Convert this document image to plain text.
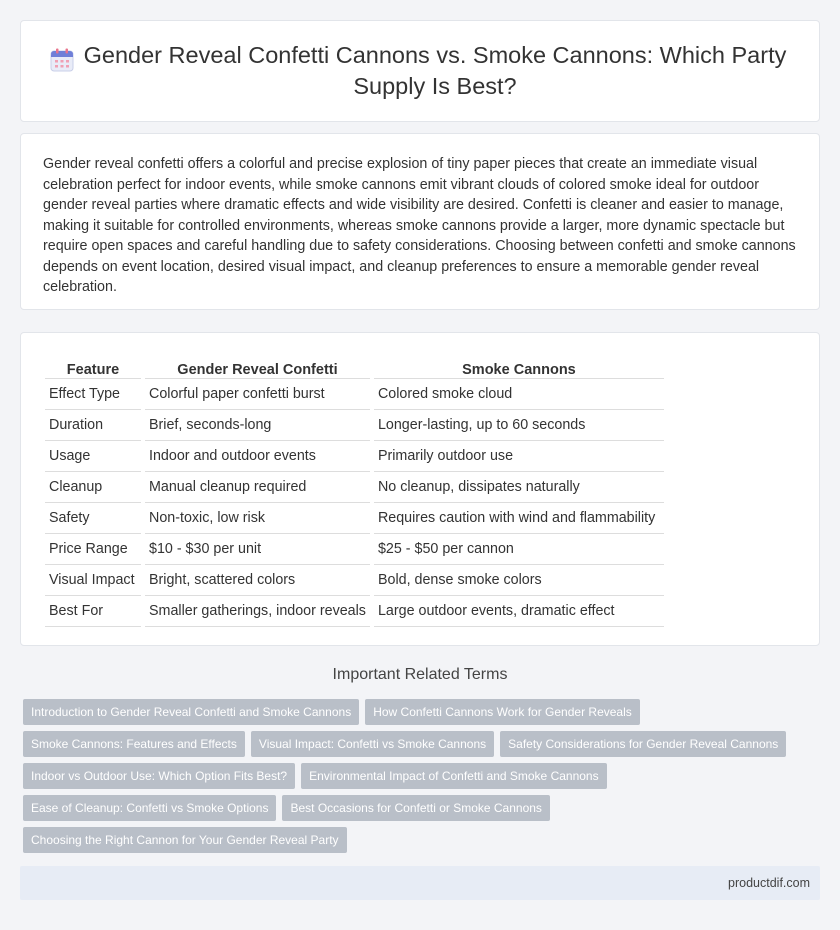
Gender Reveal Confetti Cannons vs. Smoke Cannons: Which Party Supply Is Best?

Gender reveal confetti offers a colorful and precise explosion of tiny paper pieces that create an immediate visual celebration perfect for indoor events, while smoke cannons emit vibrant clouds of colored smoke ideal for outdoor gender reveal parties where dramatic effects and wide visibility are desired. Confetti is cleaner and easier to manage, making it suitable for controlled environments, whereas smoke cannons provide a larger, more dynamic spectacle but require open spaces and careful handling due to safety considerations. Choosing between confetti and smoke cannons depends on event location, desired visual impact, and cleanup preferences to ensure a memorable gender reveal celebration.

Feature	Gender Reveal Confetti	Smoke Cannons
Effect Type	Colorful paper confetti burst	Colored smoke cloud
Duration	Brief, seconds-long	Longer-lasting, up to 60 seconds
Usage	Indoor and outdoor events	Primarily outdoor use
Cleanup	Manual cleanup required	No cleanup, dissipates naturally
Safety	Non-toxic, low risk	Requires caution with wind and flammability
Price Range	$10 - $30 per unit	$25 - $50 per cannon
Visual Impact	Bright, scattered colors	Bold, dense smoke colors
Best For	Smaller gatherings, indoor reveals	Large outdoor events, dramatic effect
Important Related Terms
Introduction to Gender Reveal Confetti and Smoke Cannons	How Confetti Cannons Work for Gender Reveals
Smoke Cannons: Features and Effects	Visual Impact: Confetti vs Smoke Cannons	Safety Considerations for Gender Reveal Cannons
Indoor vs Outdoor Use: Which Option Fits Best?	Environmental Impact of Confetti and Smoke Cannons
Ease of Cleanup: Confetti vs Smoke Options	Best Occasions for Confetti or Smoke Cannons
Choosing the Right Cannon for Your Gender Reveal Party
productdif.com
